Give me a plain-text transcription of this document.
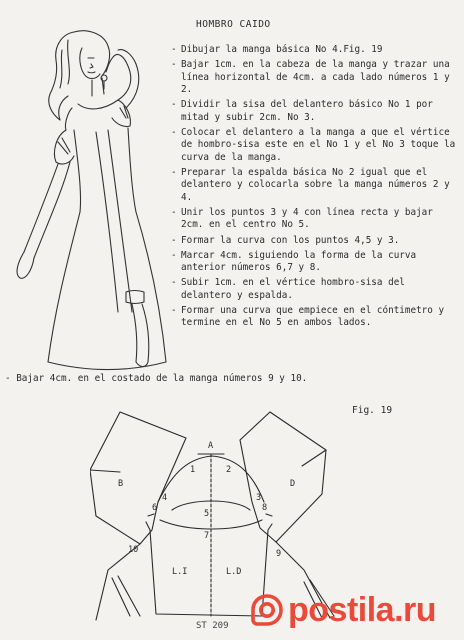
HOMBRO CAIDO
- Dibujar la manga básica No 4.Fig. 19
- Bajar 1cm. en la cabeza de la manga y trazar una línea horizontal de 4cm. a cada lado números 1 y 2.
- Dividir la sisa del delantero básico No 1 por mitad y subir 2cm. No 3.
- Colocar el delantero a la manga a que el vértice de hombro-sisa este en el No 1 y el No 3 toque la curva de la manga.
- Preparar la espalda básica No 2 igual que el delantero y colocarla sobre la manga números 2 y 4.
- Unir los puntos 3 y 4 con línea recta y bajar 2cm. en el centro No 5.
- Formar la curva con los puntos 4,5 y 3.
- Marcar 4cm. siguiendo la forma de la curva anterior números 6,7 y 8.
- Subir 1cm. en el vértice hombro-sisa del delantero y espalda.
- Formar una curva que empiece en el cóntimetro y termine en el No 5 en ambos lados.
- Bajar 4cm. en el costado de la manga números 9 y 10.
Fig. 19
A
B	D
1	2
3
4
5
6
7
8
9
10
L.I	L.D
ST 209 postila.ru
